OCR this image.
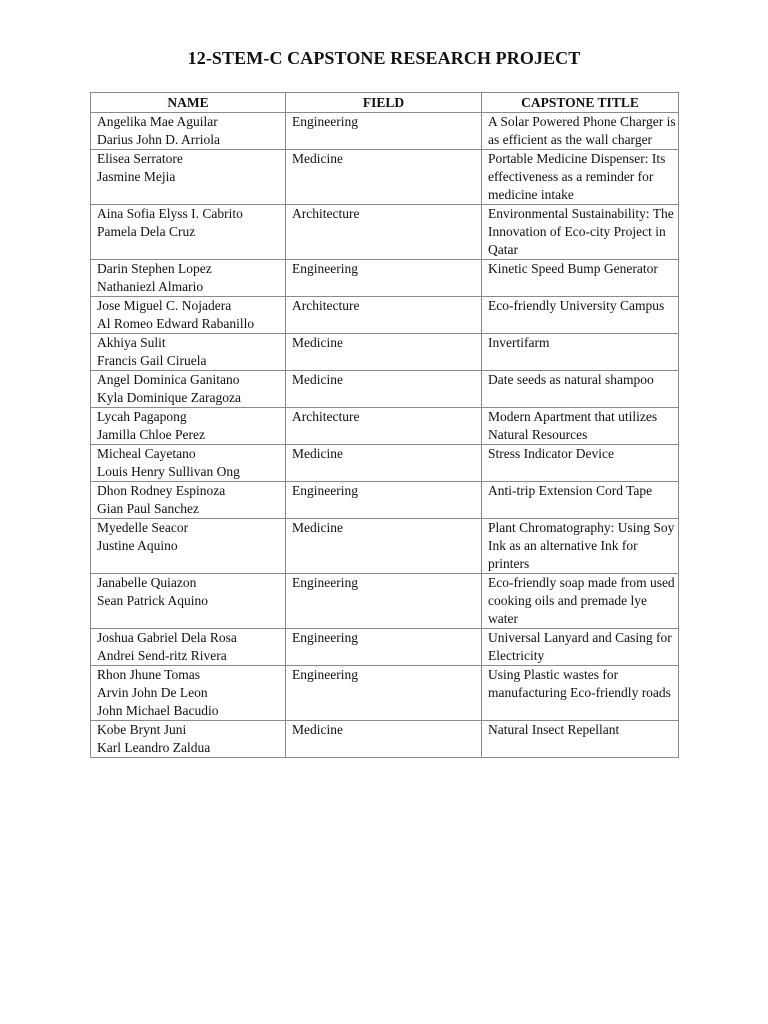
12-STEM-C CAPSTONE RESEARCH PROJECT
NAME	FIELD	CAPSTONE TITLE

Angelika Mae Aguilar
Darius John D. Arriola	Engineering	A Solar Powered Phone Charger is as efficient as the wall charger

Elisea Serratore
Jasmine Mejia	Medicine	Portable Medicine Dispenser: Its effectiveness as a reminder for medicine intake

Aina Sofia Elyss I. Cabrito
Pamela Dela Cruz	Architecture	Environmental Sustainability: The Innovation of Eco-city Project in Qatar

Darin Stephen Lopez
Nathaniezl Almario	Engineering	Kinetic Speed Bump Generator

Jose Miguel C. Nojadera
Al Romeo Edward Rabanillo	Architecture	Eco-friendly University Campus

Akhiya Sulit
Francis Gail Ciruela	Medicine	Invertifarm

Angel Dominica Ganitano
Kyla Dominique Zaragoza	Medicine	Date seeds as natural shampoo

Lycah Pagapong
Jamilla Chloe Perez	Architecture	Modern Apartment that utilizes Natural Resources

Micheal Cayetano
Louis Henry Sullivan Ong	Medicine	Stress Indicator Device

Dhon Rodney Espinoza
Gian Paul Sanchez	Engineering	Anti-trip Extension Cord Tape

Myedelle Seacor
Justine Aquino	Medicine	Plant Chromatography: Using Soy Ink as an alternative Ink for printers

Janabelle Quiazon
Sean Patrick Aquino	Engineering	Eco-friendly soap made from used cooking oils and premade lye water

Joshua Gabriel Dela Rosa
Andrei Send-ritz Rivera	Engineering	Universal Lanyard and Casing for Electricity

Rhon Jhune Tomas
Arvin John De Leon
John Michael Bacudio	Engineering	Using Plastic wastes for manufacturing Eco-friendly roads

Kobe Brynt Juni
Karl Leandro Zaldua	Medicine	Natural Insect Repellant
